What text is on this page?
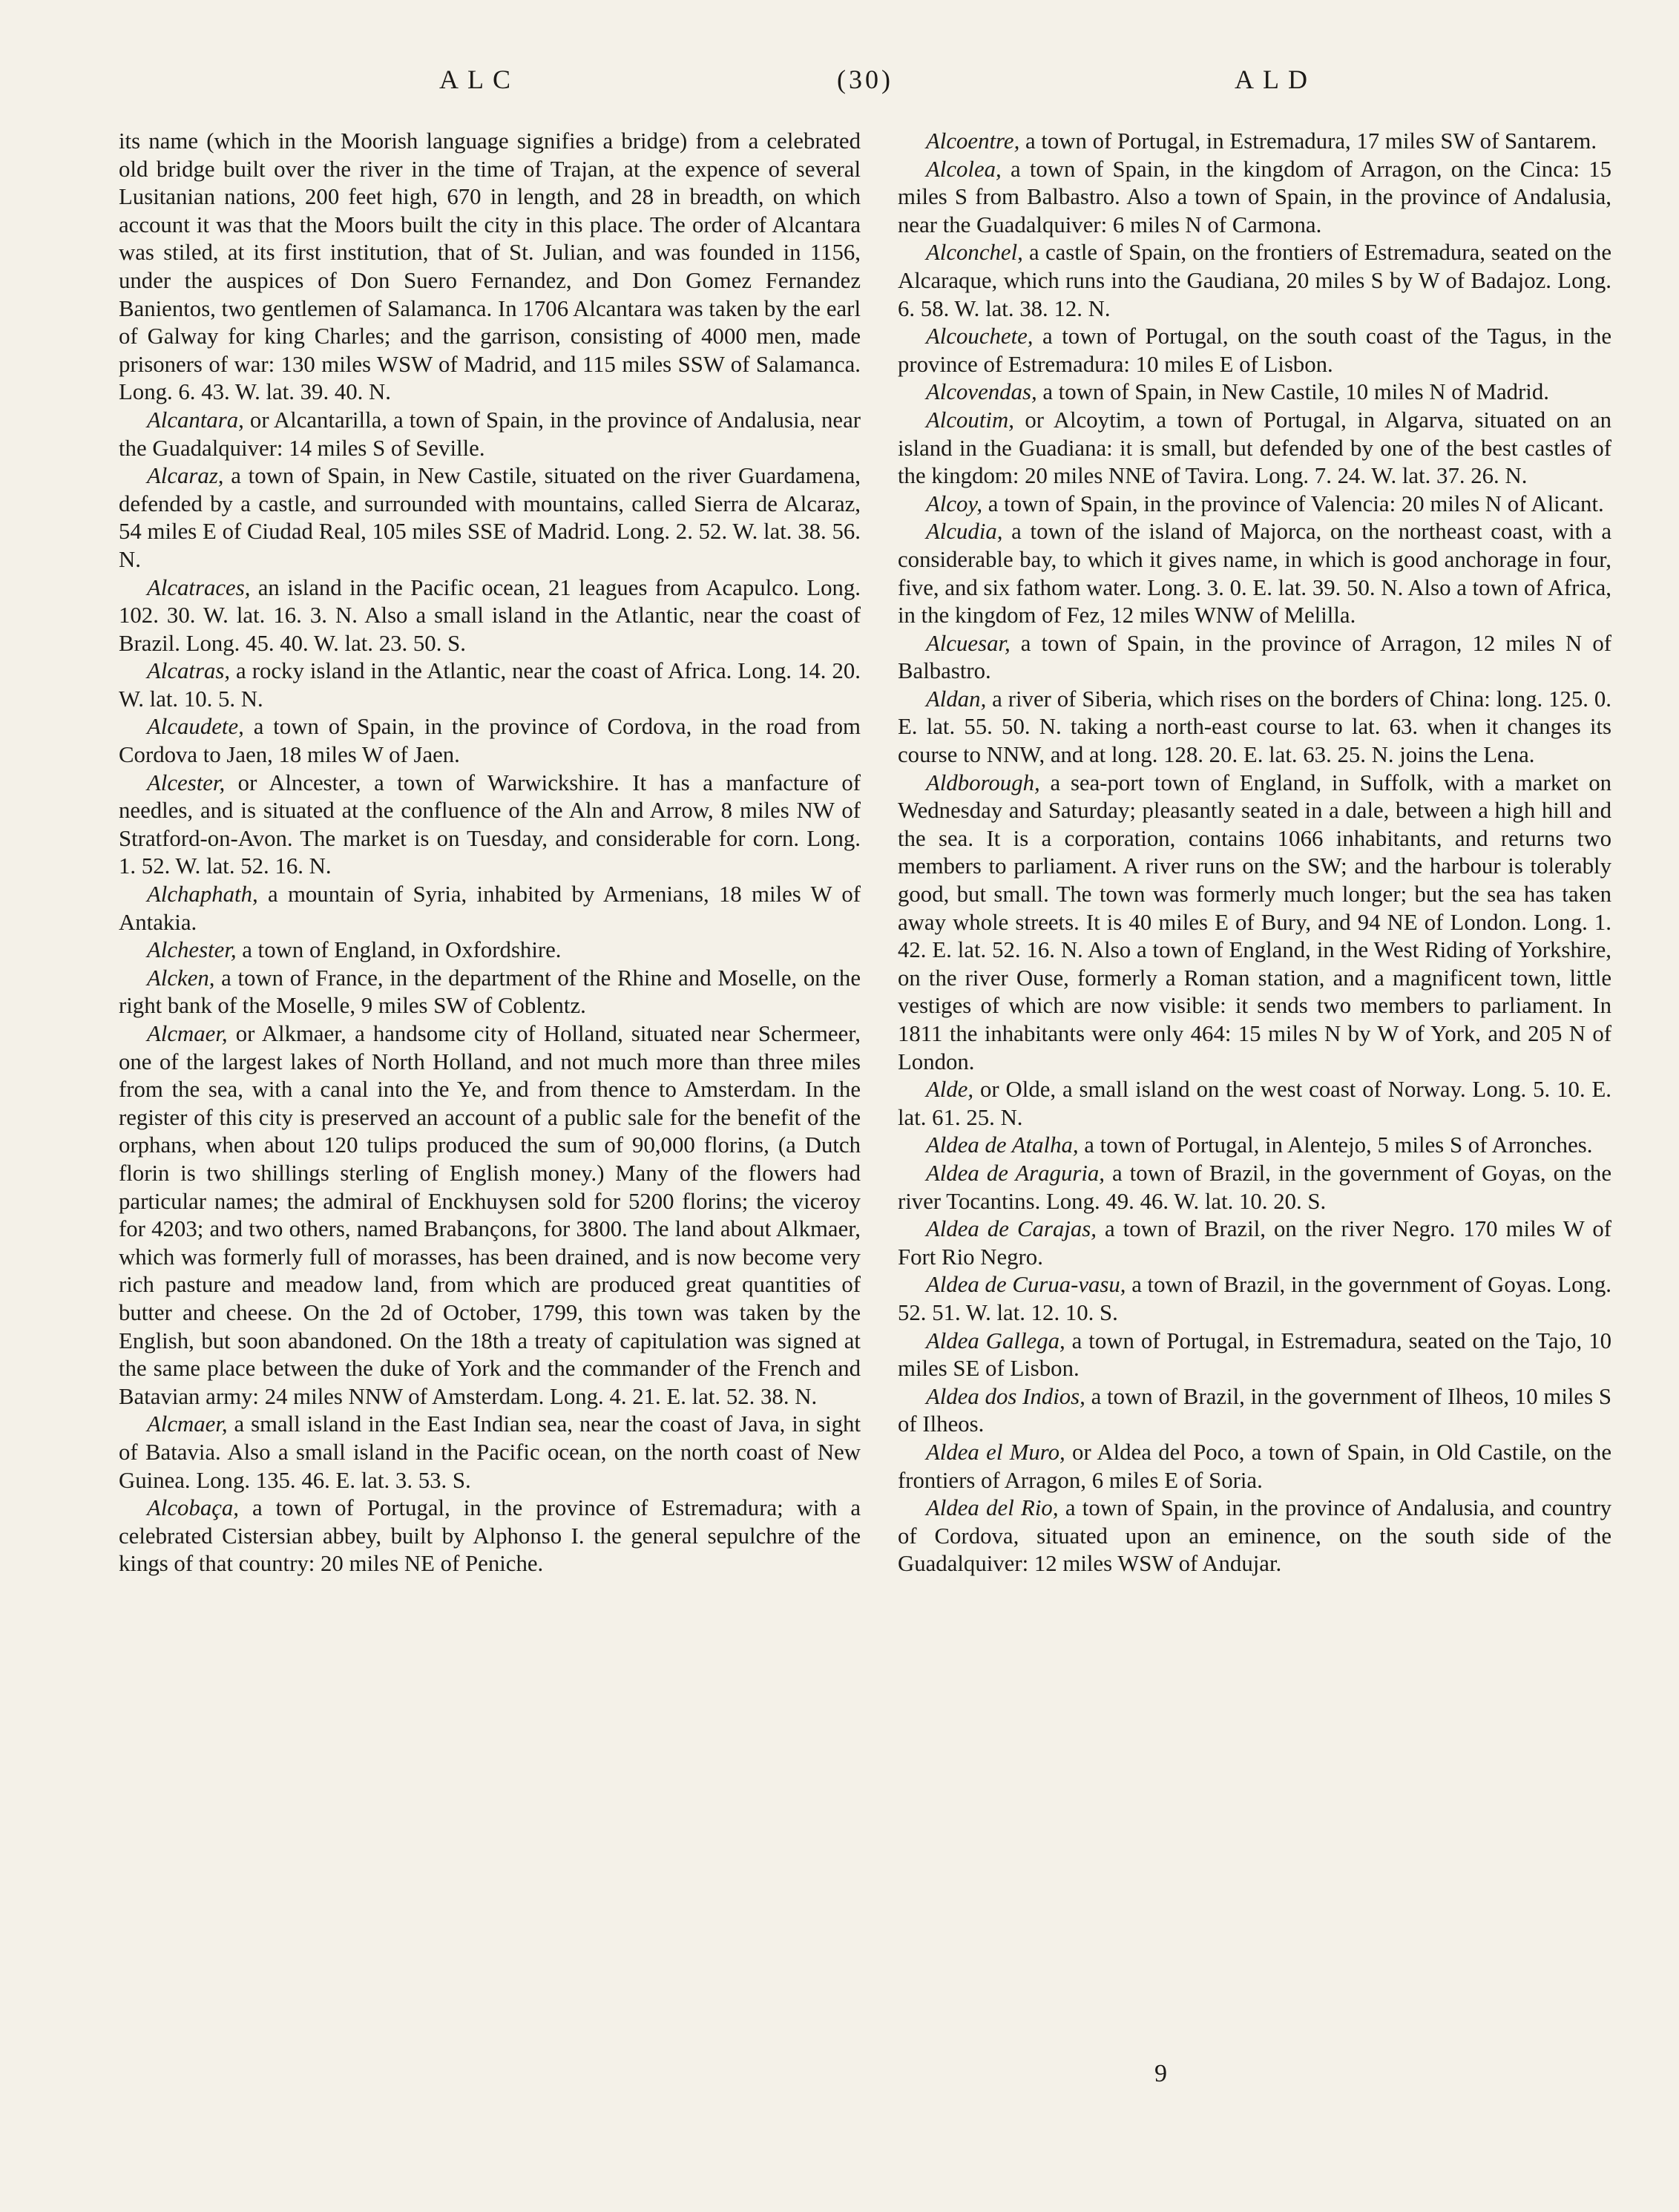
ALC	(30)	ALD

its name (which in the Moorish language signifies a bridge) from a celebrated old bridge built over the river in the time of Trajan, at the expence of several Lusitanian nations, 200 feet high, 670 in length, and 28 in breadth, on which account it was that the Moors built the city in this place. The order of Alcantara was stiled, at its first institution, that of St. Julian, and was founded in 1156, under the auspices of Don Suero Fernandez, and Don Gomez Fernandez Banientos, two gentlemen of Salamanca. In 1706 Alcantara was taken by the earl of Galway for king Charles; and the garrison, consisting of 4000 men, made prisoners of war: 130 miles WSW of Madrid, and 115 miles SSW of Salamanca. Long. 6. 43. W. lat. 39. 40. N.

Alcantara, or Alcantarilla, a town of Spain, in the province of Andalusia, near the Guadalquiver: 14 miles S of Seville.

Alcaraz, a town of Spain, in New Castile, situated on the river Guardamena, defended by a castle, and surrounded with mountains, called Sierra de Alcaraz, 54 miles E of Ciudad Real, 105 miles SSE of Madrid. Long. 2. 52. W. lat. 38. 56. N.

Alcatraces, an island in the Pacific ocean, 21 leagues from Acapulco. Long. 102. 30. W. lat. 16. 3. N. Also a small island in the Atlantic, near the coast of Brazil. Long. 45. 40. W. lat. 23. 50. S.

Alcatras, a rocky island in the Atlantic, near the coast of Africa. Long. 14. 20. W. lat. 10. 5. N.

Alcaudete, a town of Spain, in the province of Cordova, in the road from Cordova to Jaen, 18 miles W of Jaen.

Alcester, or Alncester, a town of Warwickshire. It has a manfacture of needles, and is situated at the confluence of the Aln and Arrow, 8 miles NW of Stratford-on-Avon. The market is on Tuesday, and considerable for corn. Long. 1. 52. W. lat. 52. 16. N.

Alchaphath, a mountain of Syria, inhabited by Armenians, 18 miles W of Antakia.

Alchester, a town of England, in Oxfordshire.

Alcken, a town of France, in the department of the Rhine and Moselle, on the right bank of the Moselle, 9 miles SW of Coblentz.

Alcmaer, or Alkmaer, a handsome city of Holland, situated near Schermeer, one of the largest lakes of North Holland, and not much more than three miles from the sea, with a canal into the Ye, and from thence to Amsterdam. In the register of this city is preserved an account of a public sale for the benefit of the orphans, when about 120 tulips produced the sum of 90,000 florins, (a Dutch florin is two shillings sterling of English money.) Many of the flowers had particular names; the admiral of Enckhuysen sold for 5200 florins; the viceroy for 4203; and two others, named Brabançons, for 3800. The land about Alkmaer, which was formerly full of morasses, has been drained, and is now become very rich pasture and meadow land, from which are produced great quantities of butter and cheese. On the 2d of October, 1799, this town was taken by the English, but soon abandoned. On the 18th a treaty of capitulation was signed at the same place between the duke of York and the commander of the French and Batavian army: 24 miles NNW of Amsterdam. Long. 4. 21. E. lat. 52. 38. N.

Alcmaer, a small island in the East Indian sea, near the coast of Java, in sight of Batavia. Also a small island in the Pacific ocean, on the north coast of New Guinea. Long. 135. 46. E. lat. 3. 53. S.

Alcobaça, a town of Portugal, in the province of Estremadura; with a celebrated Cistersian abbey, built by Alphonso I. the general sepulchre of the kings of that country: 20 miles NE of Peniche.

Alcoentre, a town of Portugal, in Estremadura, 17 miles SW of Santarem.

Alcolea, a town of Spain, in the kingdom of Arragon, on the Cinca: 15 miles S from Balbastro. Also a town of Spain, in the province of Andalusia, near the Guadalquiver: 6 miles N of Carmona.

Alconchel, a castle of Spain, on the frontiers of Estremadura, seated on the Alcaraque, which runs into the Gaudiana, 20 miles S by W of Badajoz. Long. 6. 58. W. lat. 38. 12. N.

Alcouchete, a town of Portugal, on the south coast of the Tagus, in the province of Estremadura: 10 miles E of Lisbon.

Alcovendas, a town of Spain, in New Castile, 10 miles N of Madrid.

Alcoutim, or Alcoytim, a town of Portugal, in Algarva, situated on an island in the Guadiana: it is small, but defended by one of the best castles of the kingdom: 20 miles NNE of Tavira. Long. 7. 24. W. lat. 37. 26. N.

Alcoy, a town of Spain, in the province of Valencia: 20 miles N of Alicant.

Alcudia, a town of the island of Majorca, on the northeast coast, with a considerable bay, to which it gives name, in which is good anchorage in four, five, and six fathom water. Long. 3. 0. E. lat. 39. 50. N. Also a town of Africa, in the kingdom of Fez, 12 miles WNW of Melilla.

Alcuesar, a town of Spain, in the province of Arragon, 12 miles N of Balbastro.

Aldan, a river of Siberia, which rises on the borders of China: long. 125. 0. E. lat. 55. 50. N. taking a north-east course to lat. 63. when it changes its course to NNW, and at long. 128. 20. E. lat. 63. 25. N. joins the Lena.

Aldborough, a sea-port town of England, in Suffolk, with a market on Wednesday and Saturday; pleasantly seated in a dale, between a high hill and the sea. It is a corporation, contains 1066 inhabitants, and returns two members to parliament. A river runs on the SW; and the harbour is tolerably good, but small. The town was formerly much longer; but the sea has taken away whole streets. It is 40 miles E of Bury, and 94 NE of London. Long. 1. 42. E. lat. 52. 16. N. Also a town of England, in the West Riding of Yorkshire, on the river Ouse, formerly a Roman station, and a magnificent town, little vestiges of which are now visible: it sends two members to parliament. In 1811 the inhabitants were only 464: 15 miles N by W of York, and 205 N of London.

Alde, or Olde, a small island on the west coast of Norway. Long. 5. 10. E. lat. 61. 25. N.

Aldea de Atalha, a town of Portugal, in Alentejo, 5 miles S of Arronches.

Aldea de Araguria, a town of Brazil, in the government of Goyas, on the river Tocantins. Long. 49. 46. W. lat. 10. 20. S.

Aldea de Carajas, a town of Brazil, on the river Negro. 170 miles W of Fort Rio Negro.

Aldea de Curua-vasu, a town of Brazil, in the government of Goyas. Long. 52. 51. W. lat. 12. 10. S.

Aldea Gallega, a town of Portugal, in Estremadura, seated on the Tajo, 10 miles SE of Lisbon.

Aldea dos Indios, a town of Brazil, in the government of Ilheos, 10 miles S of Ilheos.

Aldea el Muro, or Aldea del Poco, a town of Spain, in Old Castile, on the frontiers of Arragon, 6 miles E of Soria.

Aldea del Rio, a town of Spain, in the province of Andalusia, and country of Cordova, situated upon an eminence, on the south side of the Guadalquiver: 12 miles WSW of Andujar.

9
